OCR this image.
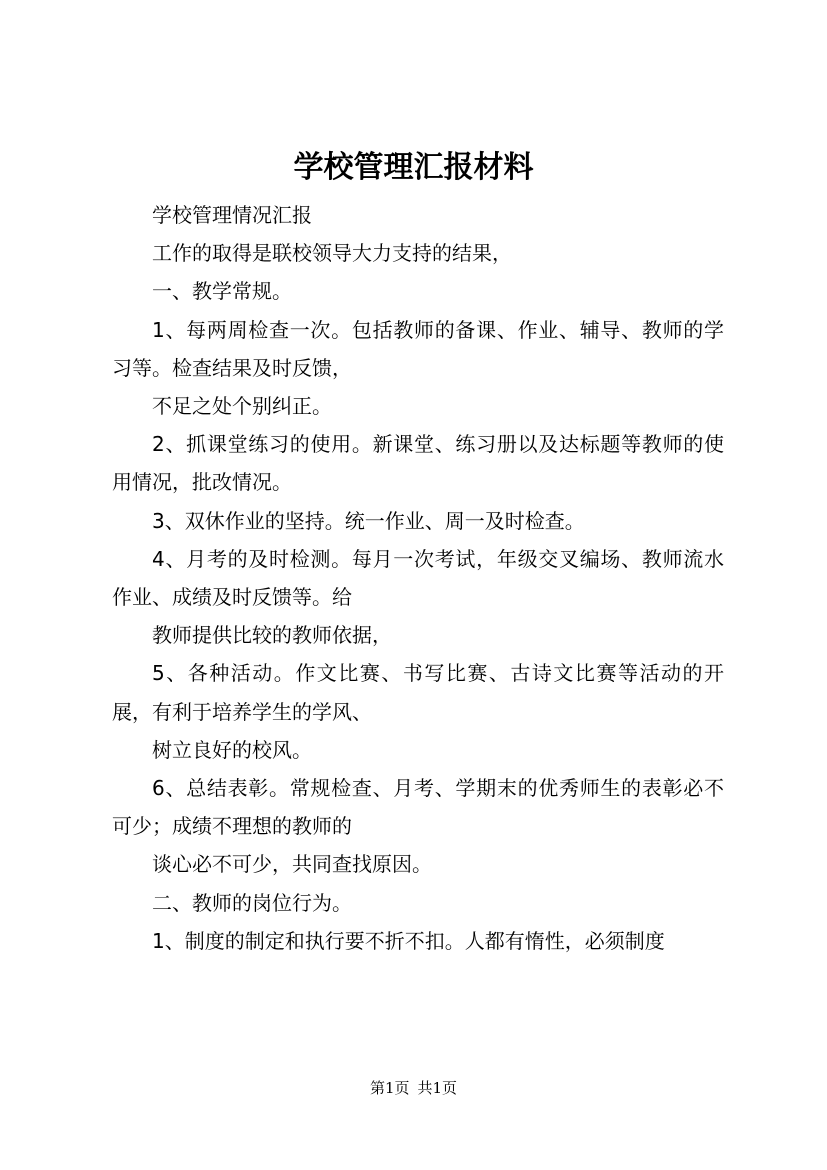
学校管理汇报材料

学校管理情况汇报

工作的取得是联校领导大力支持的结果，

一、教学常规。

1、每两周检查一次。包括教师的备课、作业、辅导、教师的学习等。检查结果及时反馈，

不足之处个别纠正。

2、抓课堂练习的使用。新课堂、练习册以及达标题等教师的使用情况，批改情况。

3、双休作业的坚持。统一作业、周一及时检查。

4、月考的及时检测。每月一次考试，年级交叉编场、教师流水作业、成绩及时反馈等。给

教师提供比较的教师依据，

5、各种活动。作文比赛、书写比赛、古诗文比赛等活动的开展，有利于培养学生的学风、

树立良好的校风。

6、总结表彰。常规检查、月考、学期末的优秀师生的表彰必不可少；成绩不理想的教师的

谈心必不可少，共同查找原因。

二、教师的岗位行为。

1、制度的制定和执行要不折不扣。人都有惰性，必须制度

第1页 共1页
